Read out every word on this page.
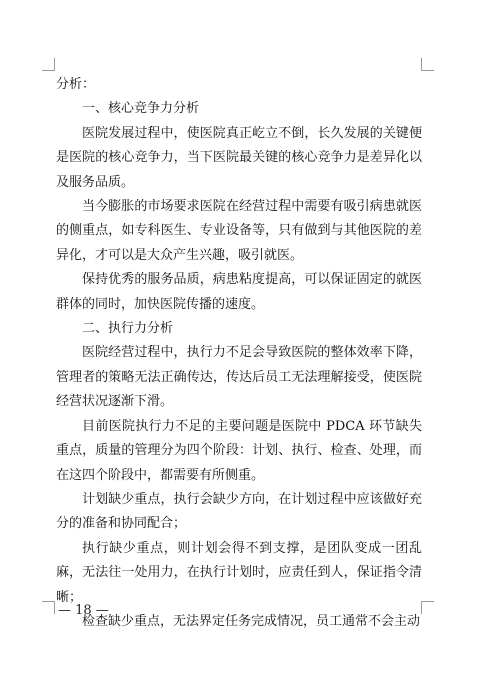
分析：

一、核心竞争力分析

医院发展过程中，使医院真正屹立不倒，长久发展的关键便是医院的核心竞争力，当下医院最关键的核心竞争力是差异化以及服务品质。

当今膨胀的市场要求医院在经营过程中需要有吸引病患就医的侧重点，如专科医生、专业设备等，只有做到与其他医院的差异化，才可以是大众产生兴趣，吸引就医。

保持优秀的服务品质，病患粘度提高，可以保证固定的就医群体的同时，加快医院传播的速度。

二、执行力分析

医院经营过程中，执行力不足会导致医院的整体效率下降，管理者的策略无法正确传达，传达后员工无法理解接受，使医院经营状况逐渐下滑。

目前医院执行力不足的主要问题是医院中 PDCA 环节缺失重点，质量的管理分为四个阶段：计划、执行、检查、处理，而在这四个阶段中，都需要有所侧重。

计划缺少重点，执行会缺少方向，在计划过程中应该做好充分的准备和协同配合；

执行缺少重点，则计划会得不到支撑，是团队变成一团乱麻，无法往一处用力，在执行计划时，应责任到人，保证指令清晰；

检查缺少重点，无法界定任务完成情况，员工通常不会主动

— 18 —
